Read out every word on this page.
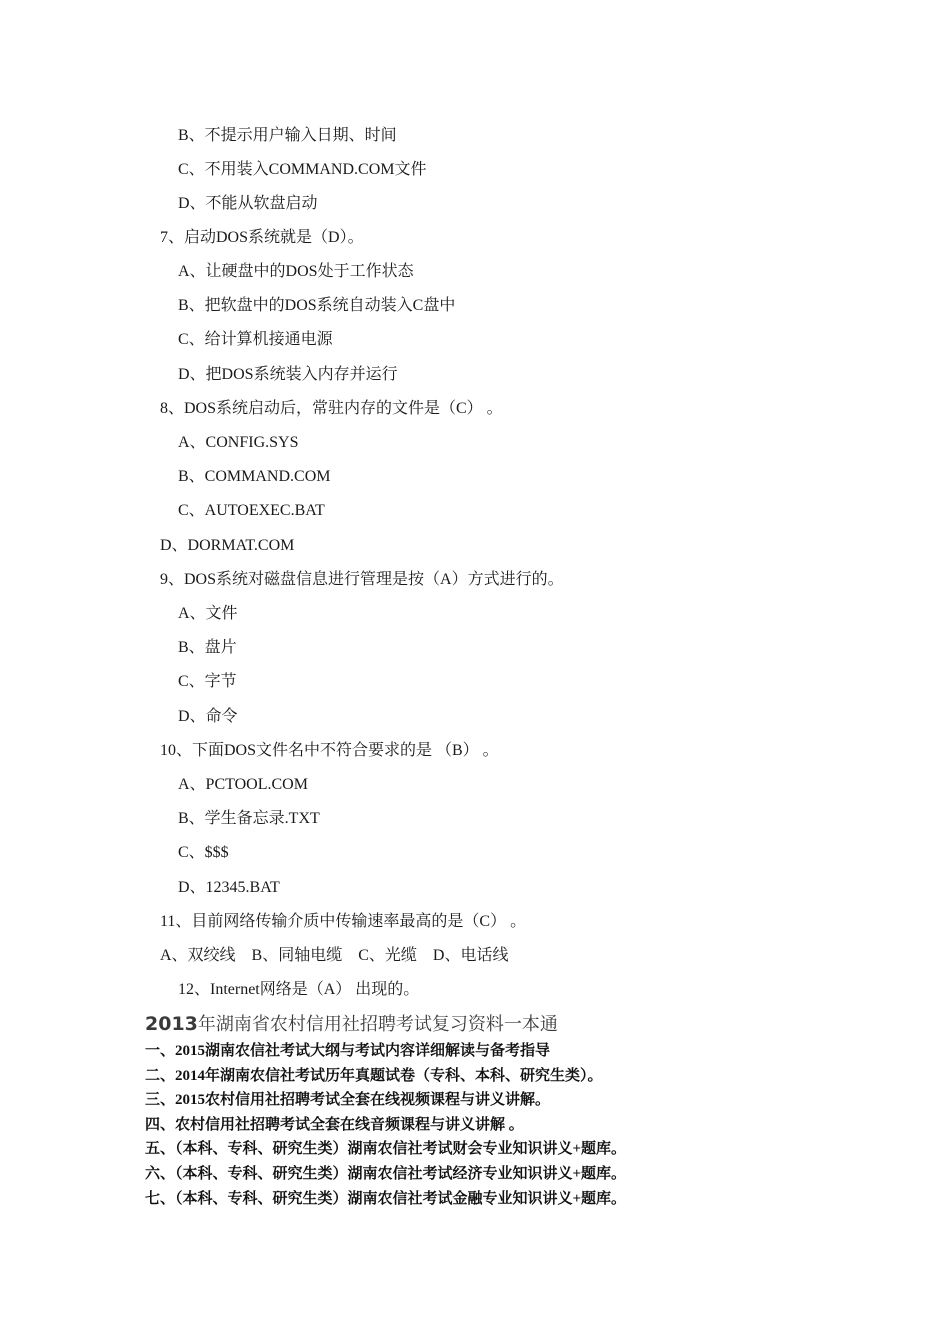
B、不提示用户输入日期、时间
C、不用装入COMMAND.COM文件
D、不能从软盘启动
7、启动DOS系统就是（D）。
A、让硬盘中的DOS处于工作状态
B、把软盘中的DOS系统自动装入C盘中
C、给计算机接通电源
D、把DOS系统装入内存并运行
8、DOS系统启动后，常驻内存的文件是（C） 。
A、CONFIG.SYS
B、COMMAND.COM
C、AUTOEXEC.BAT
D、DORMAT.COM
9、DOS系统对磁盘信息进行管理是按（A）方式进行的。
A、文件
B、盘片
C、字节
D、命令
10、下面DOS文件名中不符合要求的是 （B） 。
A、PCTOOL.COM
B、学生备忘录.TXT
C、$$$
D、12345.BAT
11、目前网络传输介质中传输速率最高的是（C） 。
A、双绞线　B、同轴电缆　C、光缆　D、电话线
12、Internet网络是（A） 出现的。
2013年湖南省农村信用社招聘考试复习资料一本通
一、2015湖南农信社考试大纲与考试内容详细解读与备考指导
二、2014年湖南农信社考试历年真题试卷（专科、本科、研究生类）。
三、2015农村信用社招聘考试全套在线视频课程与讲义讲解。
四、农村信用社招聘考试全套在线音频课程与讲义讲解 。
五、（本科、专科、研究生类）湖南农信社考试财会专业知识讲义+题库。
六、（本科、专科、研究生类）湖南农信社考试经济专业知识讲义+题库。
七、（本科、专科、研究生类）湖南农信社考试金融专业知识讲义+题库。
